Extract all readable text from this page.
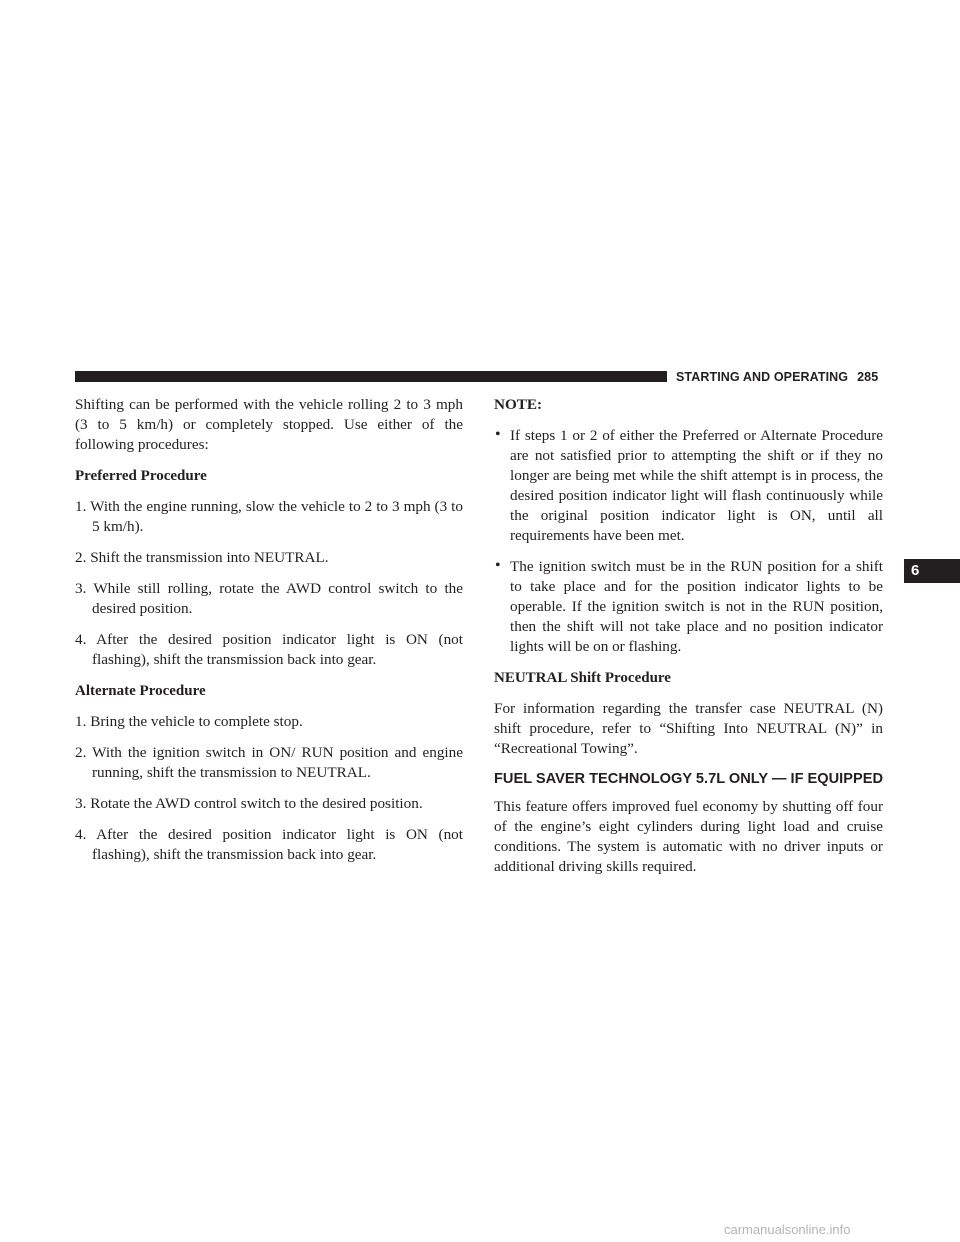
STARTING AND OPERATING 285
6

Shifting can be performed with the vehicle rolling 2 to 3 mph (3 to 5 km/h) or completely stopped. Use either of the following procedures:

Preferred Procedure

1. With the engine running, slow the vehicle to 2 to 3 mph (3 to 5 km/h).

2. Shift the transmission into NEUTRAL.

3. While still rolling, rotate the AWD control switch to the desired position.

4. After the desired position indicator light is ON (not flashing), shift the transmission back into gear.

Alternate Procedure

1. Bring the vehicle to complete stop.

2. With the ignition switch in ON/ RUN position and engine running, shift the transmission to NEUTRAL.

3. Rotate the AWD control switch to the desired position.

4. After the desired position indicator light is ON (not flashing), shift the transmission back into gear.

NOTE:

• If steps 1 or 2 of either the Preferred or Alternate Procedure are not satisfied prior to attempting the shift or if they no longer are being met while the shift attempt is in process, the desired position indicator light will flash continuously while the original position indicator light is ON, until all requirements have been met.

• The ignition switch must be in the RUN position for a shift to take place and for the position indicator lights to be operable. If the ignition switch is not in the RUN position, then the shift will not take place and no position indicator lights will be on or flashing.

NEUTRAL Shift Procedure

For information regarding the transfer case NEUTRAL (N) shift procedure, refer to “Shifting Into NEUTRAL (N)” in “Recreational Towing”.

FUEL SAVER TECHNOLOGY 5.7L ONLY — IF EQUIPPED

This feature offers improved fuel economy by shutting off four of the engine’s eight cylinders during light load and cruise conditions. The system is automatic with no driver inputs or additional driving skills required.

carmanualsonline.info
